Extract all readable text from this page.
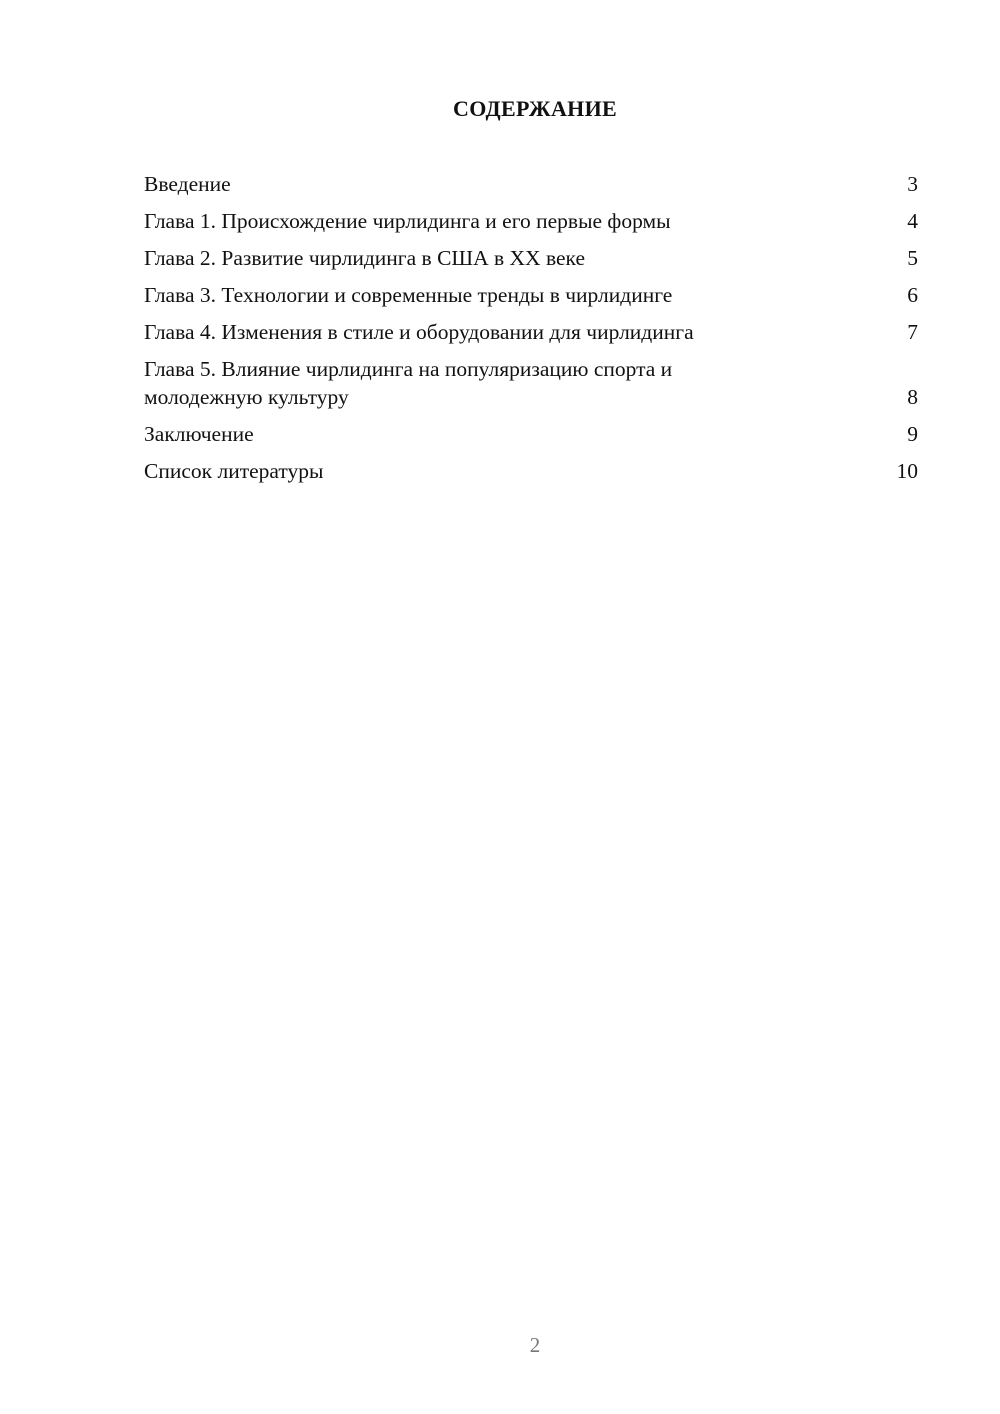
СОДЕРЖАНИЕ
Введение	3
Глава 1. Происхождение чирлидинга и его первые формы	4
Глава 2. Развитие чирлидинга в США в XX веке	5
Глава 3. Технологии и современные тренды в чирлидинге	6
Глава 4. Изменения в стиле и оборудовании для чирлидинга	7
Глава 5. Влияние чирлидинга на популяризацию спорта и молодежную культуру	8
Заключение	9
Список литературы	10
2
